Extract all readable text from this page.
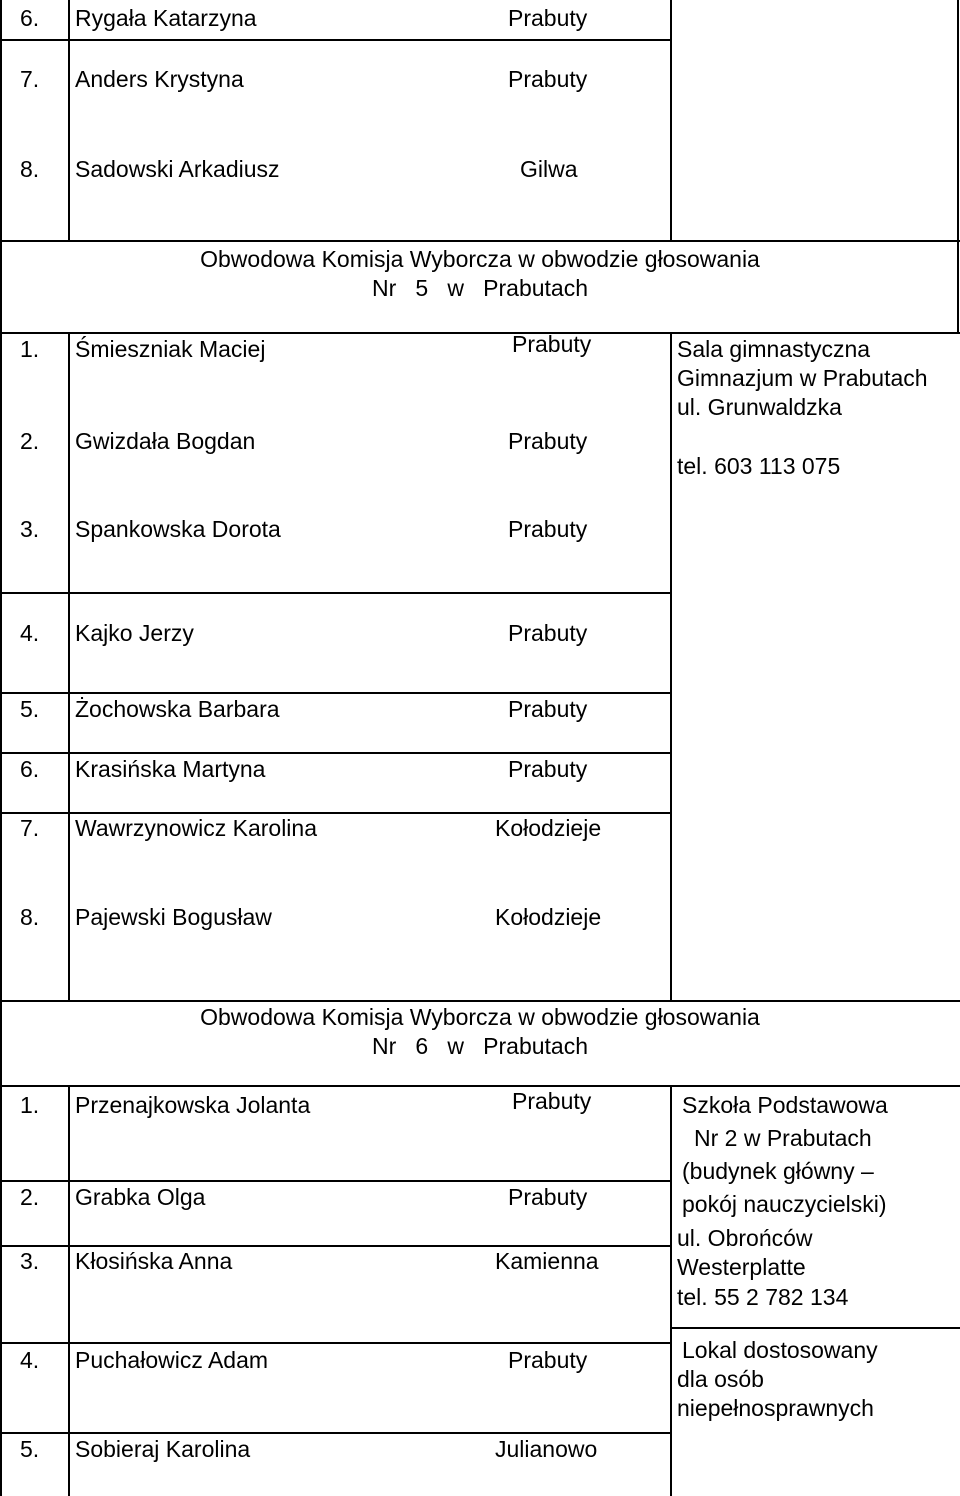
6. Rygała Katarzyna	Prabuty
7. Anders Krystyna	Prabuty
8. Sadowski Arkadiusz	Gilwa
Obwodowa Komisja Wyborcza w obwodzie głosowania
Nr   5   w   Prabutach
1. Śmieszniak Maciej	Prabuty
2. Gwizdała Bogdan	Prabuty
3. Spankowska Dorota	Prabuty
4. Kajko Jerzy	Prabuty
5. Żochowska Barbara	Prabuty
6. Krasińska Martyna	Prabuty
7. Wawrzynowicz Karolina	Kołodzieje
8. Pajewski Bogusław	Kołodzieje
Sala gimnastyczna
Gimnazjum w Prabutach
ul. Grunwaldzka
tel. 603 113 075
Obwodowa Komisja Wyborcza w obwodzie głosowania
Nr   6   w   Prabutach
1. Przenajkowska Jolanta	Prabuty
2. Grabka Olga	Prabuty
3. Kłosińska Anna	Kamienna
4. Puchałowicz Adam	Prabuty
5. Sobieraj Karolina	Julianowo
Szkoła Podstawowa
Nr 2 w Prabutach
(budynek główny –
pokój nauczycielski)
ul. Obrońców
Westerplatte
tel. 55 2 782 134
Lokal dostosowany
dla osób
niepełnosprawnych
